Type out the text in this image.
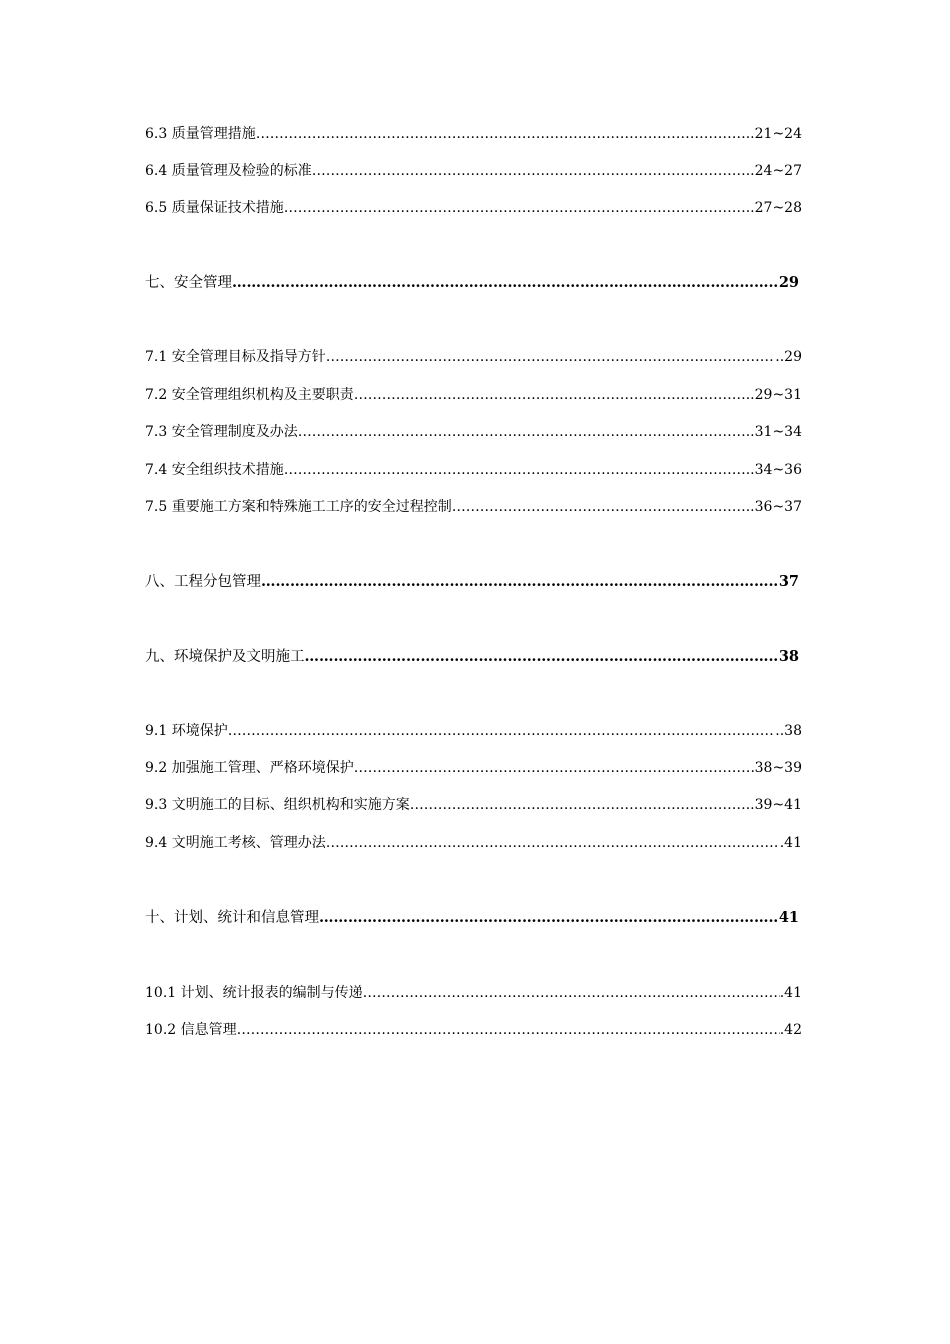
6.3 质量管理措施 ……………………………………………………………………………………………………………………………………………………………………………………	..21~24
6.4 质量管理及检验的标准 ……………………………………………………………………………………………………………………………………………………………………………………	..24~27
6.5 质量保证技术措施 ……………………………………………………………………………………………………………………………………………………………………………………	..27~28
七、安全管理 ……………………………………………………………………………………………………………………………………………………………………………………	29
7.1 安全管理目标及指导方针 ……………………………………………………………………………………………………………………………………………………………………………………	..29
7.2 安全管理组织机构及主要职责 ……………………………………………………………………………………………………………………………………………………………………………………	..29~31
7.3 安全管理制度及办法 ……………………………………………………………………………………………………………………………………………………………………………………	..31~34
7.4 安全组织技术措施 ……………………………………………………………………………………………………………………………………………………………………………………	..34~36
7.5 重要施工方案和特殊施工工序的安全过程控制 ……………………………………………………………………………………………………………………………………………………………………………………	..36~37
八、工程分包管理 ……………………………………………………………………………………………………………………………………………………………………………………	37
九、环境保护及文明施工 ……………………………………………………………………………………………………………………………………………………………………………………	38
9.1 环境保护 ……………………………………………………………………………………………………………………………………………………………………………………	..38
9.2 加强施工管理、严格环境保护 ……………………………………………………………………………………………………………………………………………………………………………………	38~39
9.3 文明施工的目标、组织机构和实施方案 ……………………………………………………………………………………………………………………………………………………………………………………	..39~41
9.4 文明施工考核、管理办法 ……………………………………………………………………………………………………………………………………………………………………………………	.41
十、计划、统计和信息管理 ……………………………………………………………………………………………………………………………………………………………………………………	41
10.1 计划、统计报表的编制与传递 ……………………………………………………………………………………………………………………………………………………………………………………	.41
10.2 信息管理 ……………………………………………………………………………………………………………………………………………………………………………………	.42
